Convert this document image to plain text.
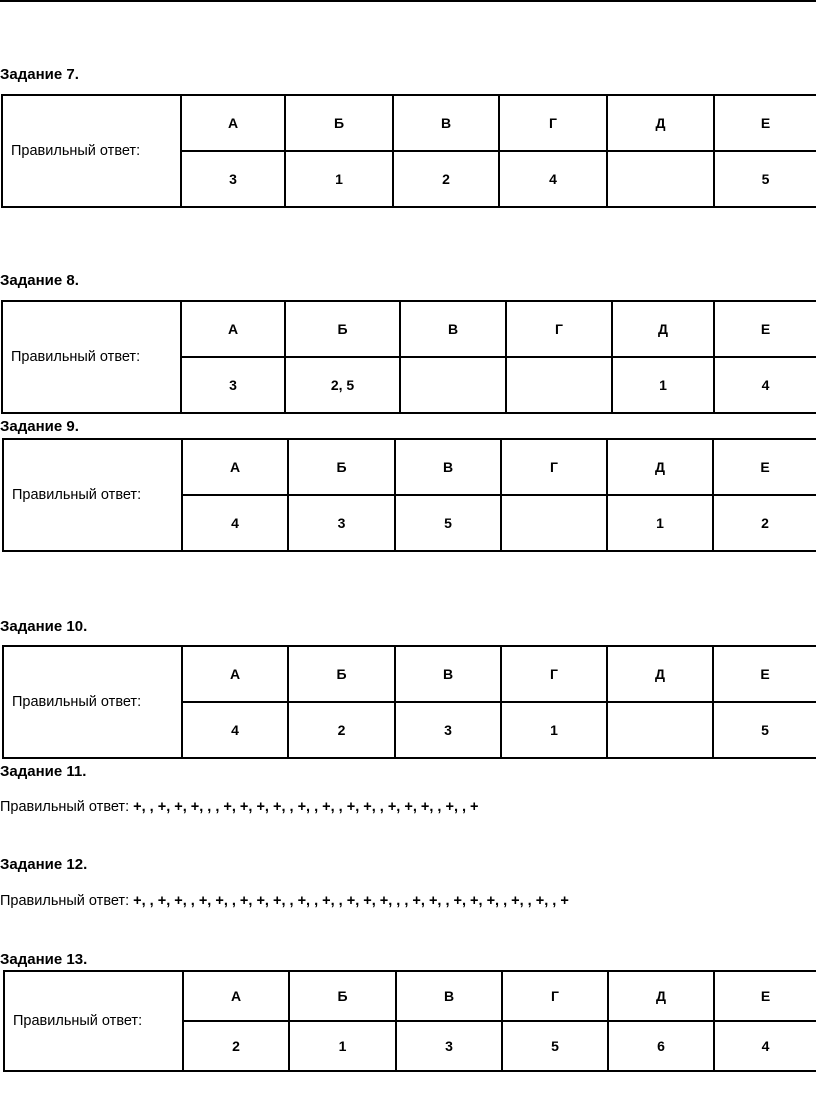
Задание 7.
Правильный ответ:	А	Б	В	Г	Д	Е
	3	1	2	4		5
Задание 8.
Правильный ответ:	А	Б	В	Г	Д	Е
	3	2, 5			1	4
Задание 9.
Правильный ответ:	А	Б	В	Г	Д	Е
	4	3	5		1	2
Задание 10.
Правильный ответ:	А	Б	В	Г	Д	Е
	4	2	3	1		5
Задание 11.
Правильный ответ: +, , +, +, +, , , +, +, +, +, , +, , +, , +, +, , +, +, +, , +, , +
Задание 12.
Правильный ответ: +, , +, +, , +, +, , +, +, +, , +, , +, , +, +, +, , , +, +, , +, +, +, , +, , +, , +
Задание 13.
Правильный ответ:	А	Б	В	Г	Д	Е
	2	1	3	5	6	4
